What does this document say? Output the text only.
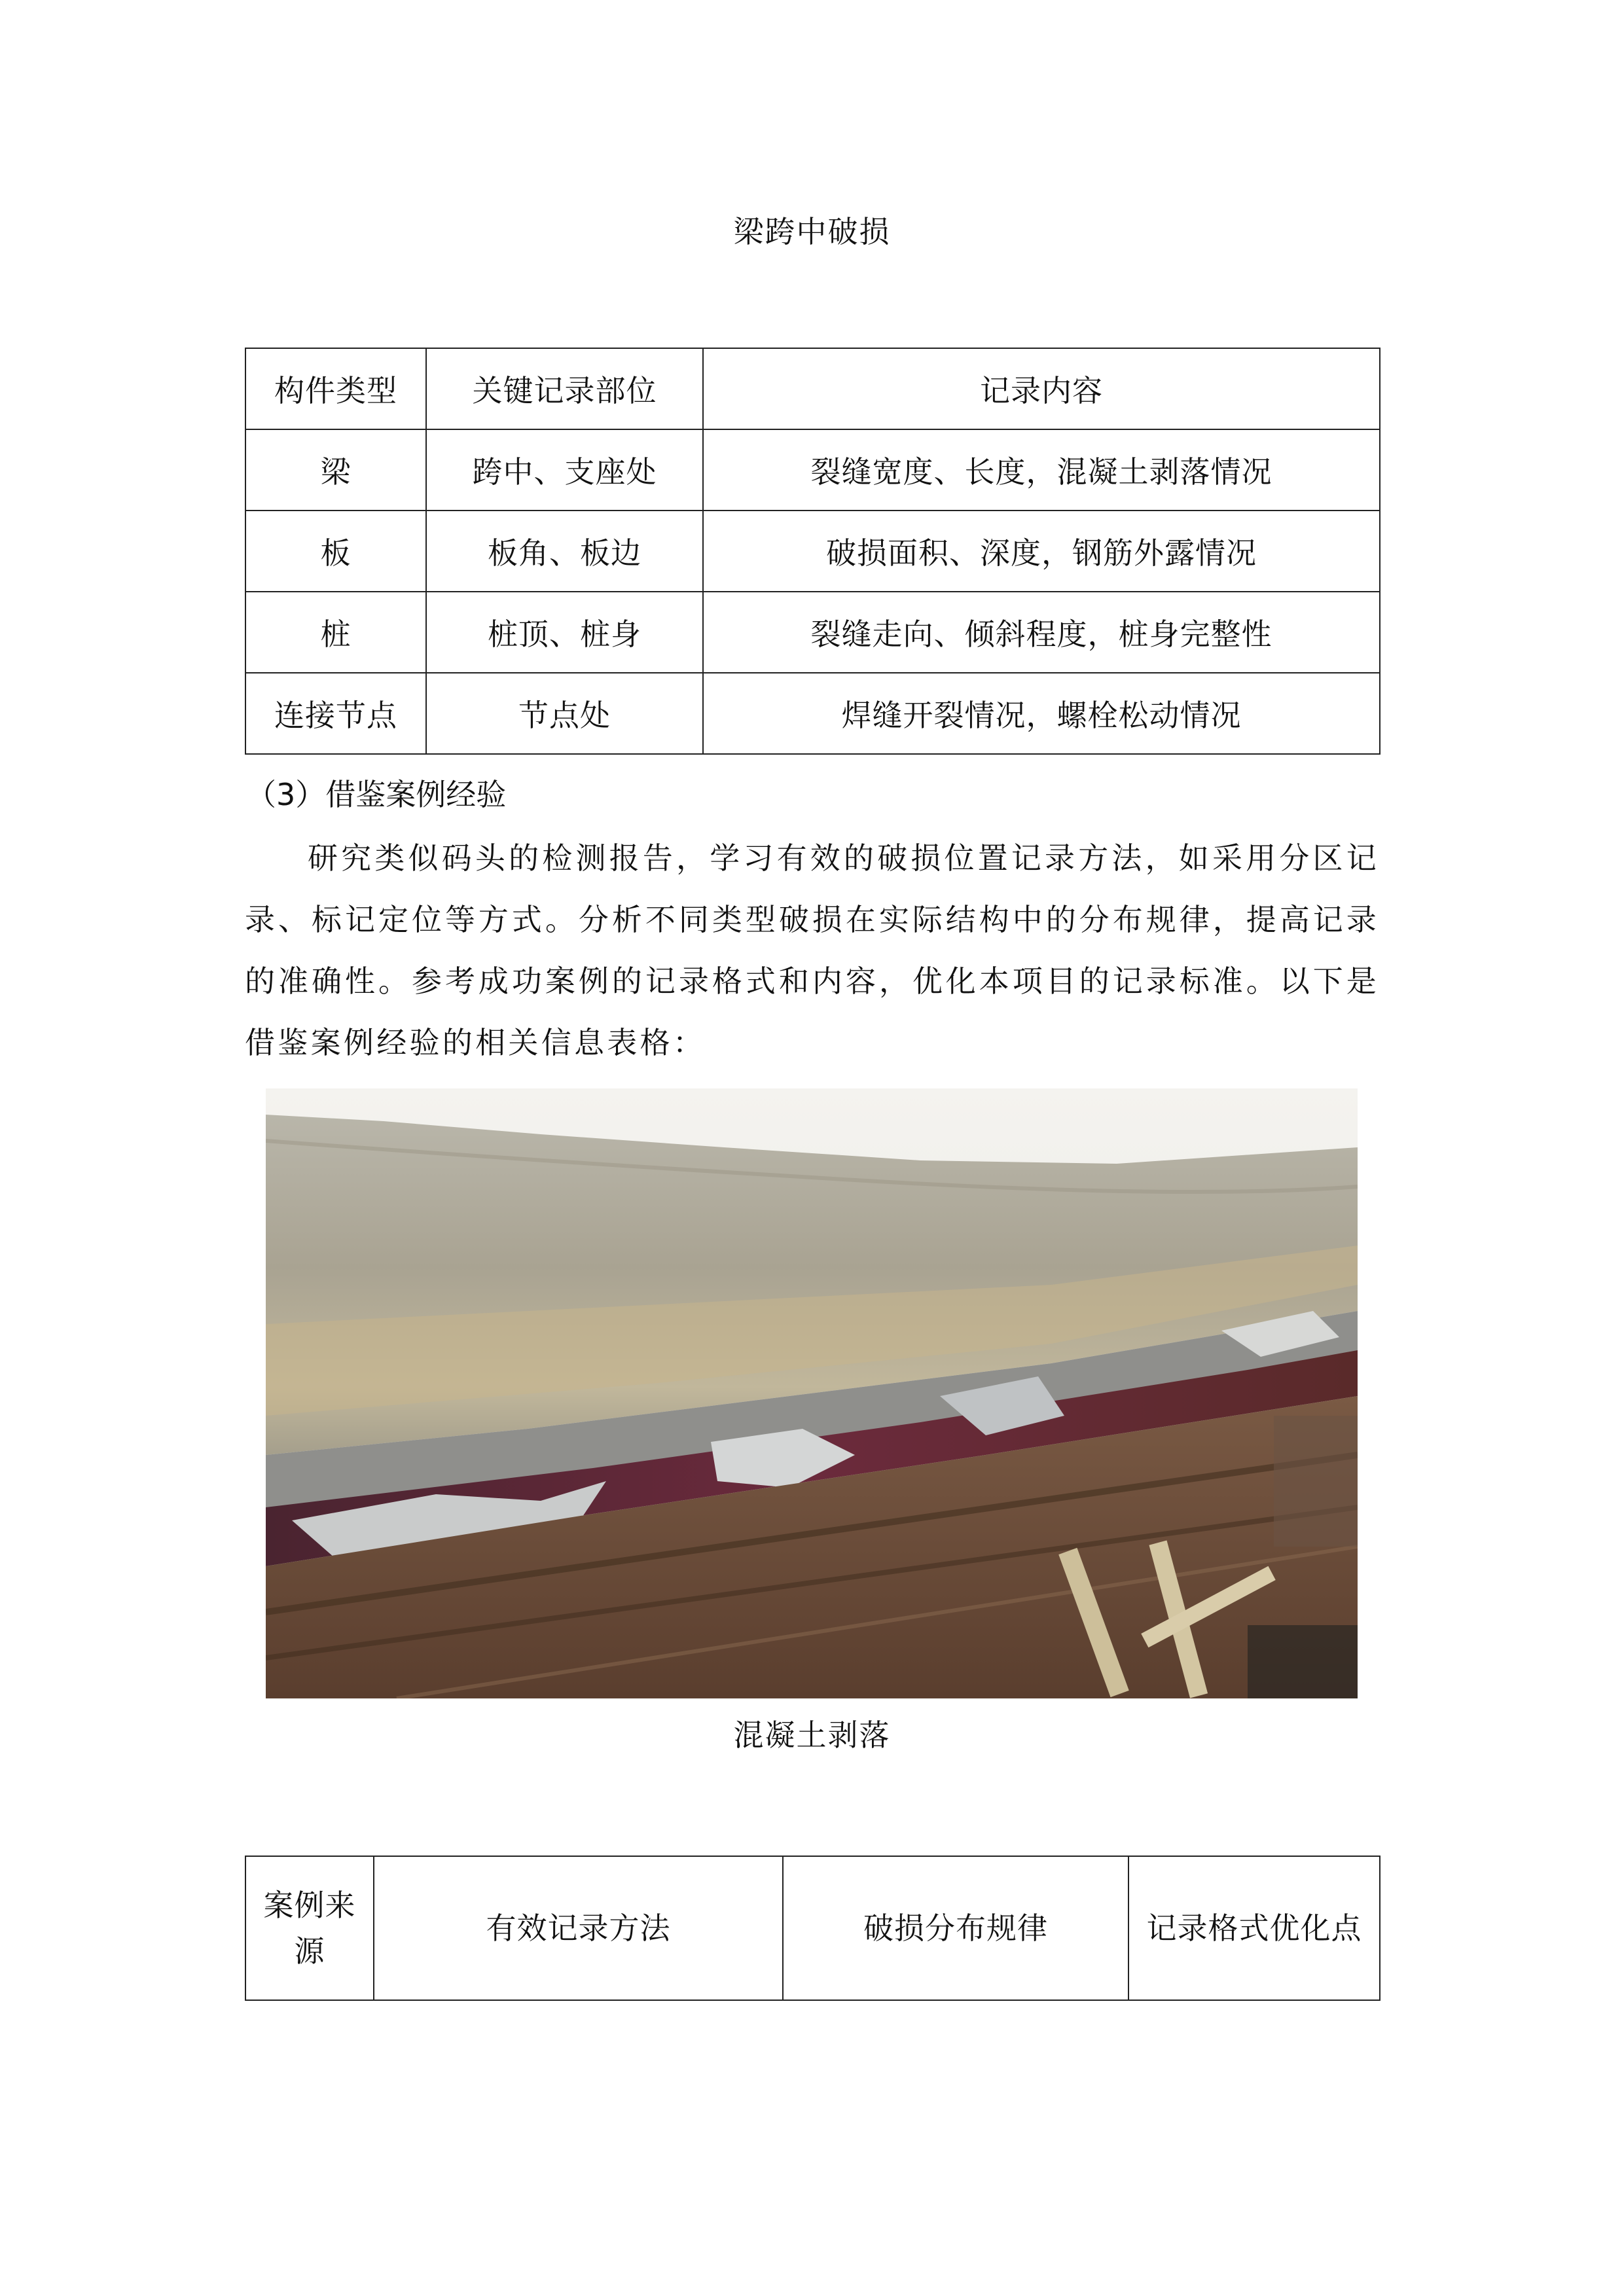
梁跨中破损
构件类型	关键记录部位	记录内容
梁	跨中、支座处	裂缝宽度、长度，混凝土剥落情况
板	板角、板边	破损面积、深度，钢筋外露情况
桩	桩顶、桩身	裂缝走向、倾斜程度，桩身完整性
连接节点	节点处	焊缝开裂情况，螺栓松动情况
（3）借鉴案例经验

研究类似码头的检测报告，学习有效的破损位置记录方法，如采用分区记录、标记定位等方式。分析不同类型破损在实际结构中的分布规律，提高记录的准确性。参考成功案例的记录格式和内容，优化本项目的记录标准。以下是借鉴案例经验的相关信息表格：

混凝土剥落
案例来源	有效记录方法	破损分布规律	记录格式优化点
